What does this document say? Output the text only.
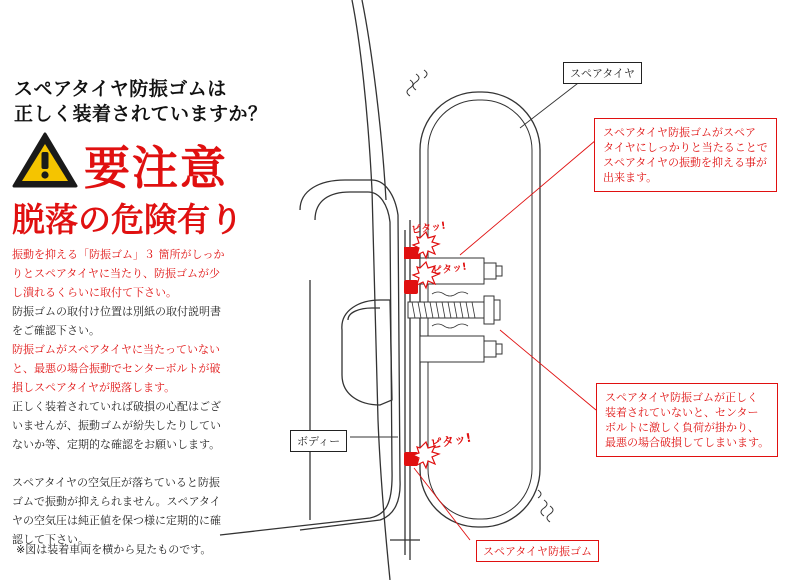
スペアタイヤ防振ゴムは
正しく装着されていますか？
要注意
脱落の危険有り

振動を抑える「防振ゴム」３ 箇所がしっか

りとスペアタイヤに当たり、防振ゴムが少

し潰れるくらいに取付て下さい。

防振ゴムの取付け位置は別紙の取付説明書

をご確認下さい。

防振ゴムがスペアタイヤに当たっていない

と、最悪の場合振動でセンターボルトが破

損しスペアタイヤが脱落します。

正しく装着されていれば破損の心配はござ

いませんが、振動ゴムが紛失したりしてい

ないか等、定期的な確認をお願いします。

スペアタイヤの空気圧が落ちていると防振

ゴムで振動が抑えられません。スペアタイ

ヤの空気圧は純正値を保つ様に定期的に確

認して下さい。

※図は装着車両を横から見たものです。
スペアタイヤ
ボディー
スペアタイヤ防振ゴム
ピタッ!
ピタッ!
ピタッ!
スペアタイヤ防振ゴムがスペア
タイヤにしっかりと当たることで
スペアタイヤの振動を抑える事が
出来ます。
スペアタイヤ防振ゴムが正しく
装着されていないと、センター
ボルトに激しく負荷が掛かり、
最悪の場合破損してしまいます。
